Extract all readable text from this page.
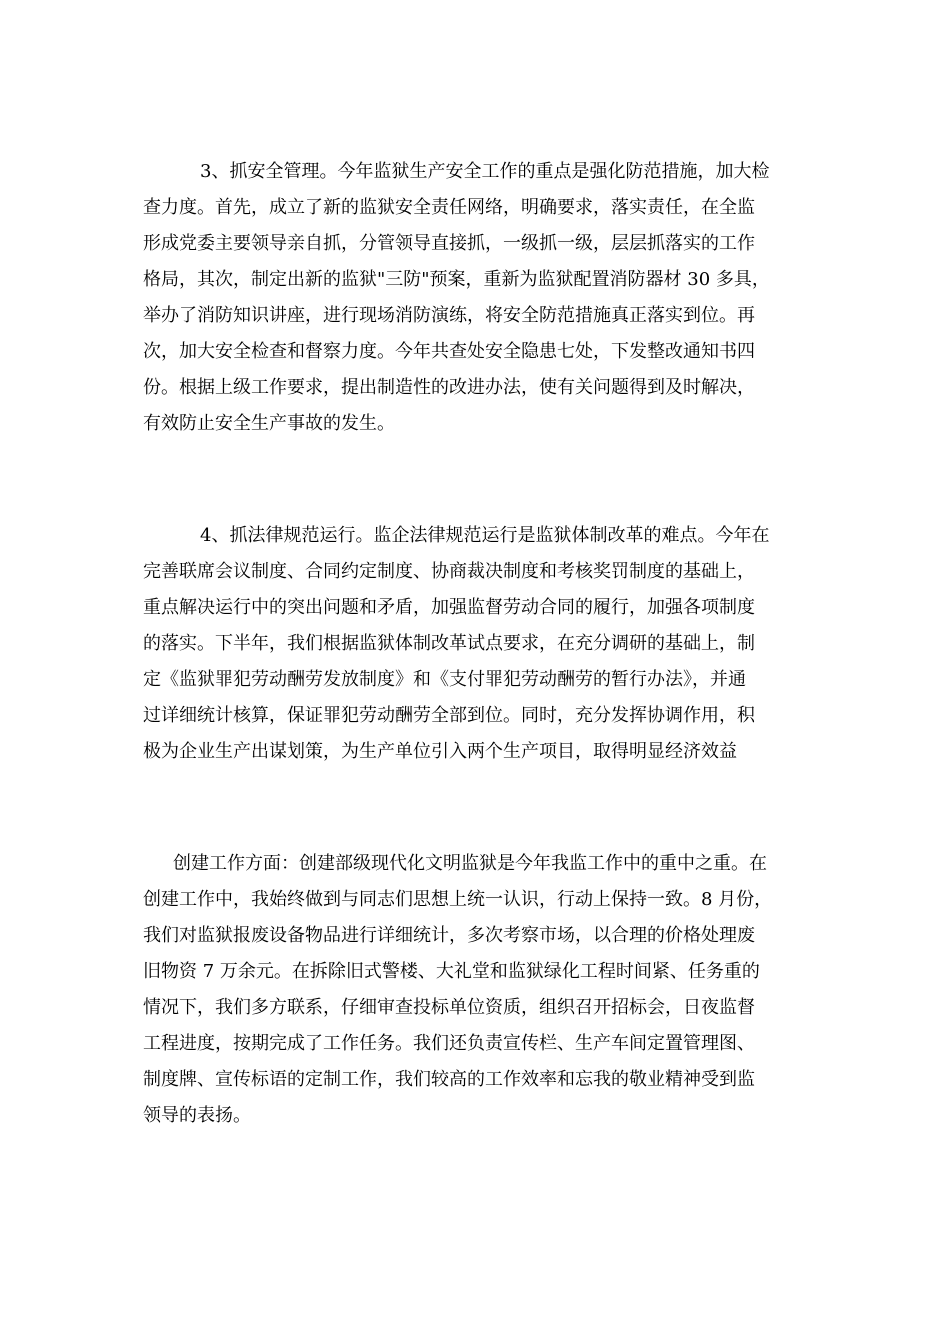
3、抓安全管理。今年监狱生产安全工作的重点是强化防范措施，加大检
查力度。首先，成立了新的监狱安全责任网络，明确要求，落实责任，在全监
形成党委主要领导亲自抓，分管领导直接抓，一级抓一级，层层抓落实的工作
格局，其次，制定出新的监狱"三防"预案，重新为监狱配置消防器材 30 多具，
举办了消防知识讲座，进行现场消防演练，将安全防范措施真正落实到位。再
次，加大安全检查和督察力度。今年共查处安全隐患七处，下发整改通知书四
份。根据上级工作要求，提出制造性的改进办法，使有关问题得到及时解决，
有效防止安全生产事故的发生。
4、抓法律规范运行。监企法律规范运行是监狱体制改革的难点。今年在
完善联席会议制度、合同约定制度、协商裁决制度和考核奖罚制度的基础上，
重点解决运行中的突出问题和矛盾，加强监督劳动合同的履行，加强各项制度
的落实。下半年，我们根据监狱体制改革试点要求，在充分调研的基础上，制
定《监狱罪犯劳动酬劳发放制度》和《支付罪犯劳动酬劳的暂行办法》，并通
过详细统计核算，保证罪犯劳动酬劳全部到位。同时，充分发挥协调作用，积
极为企业生产出谋划策，为生产单位引入两个生产项目，取得明显经济效益
创建工作方面：创建部级现代化文明监狱是今年我监工作中的重中之重。在
创建工作中，我始终做到与同志们思想上统一认识，行动上保持一致。8 月份，
我们对监狱报废设备物品进行详细统计，多次考察市场，以合理的价格处理废
旧物资 7 万余元。在拆除旧式警楼、大礼堂和监狱绿化工程时间紧、任务重的
情况下，我们多方联系，仔细审查投标单位资质，组织召开招标会，日夜监督
工程进度，按期完成了工作任务。我们还负责宣传栏、生产车间定置管理图、
制度牌、宣传标语的定制工作，我们较高的工作效率和忘我的敬业精神受到监
领导的表扬。
